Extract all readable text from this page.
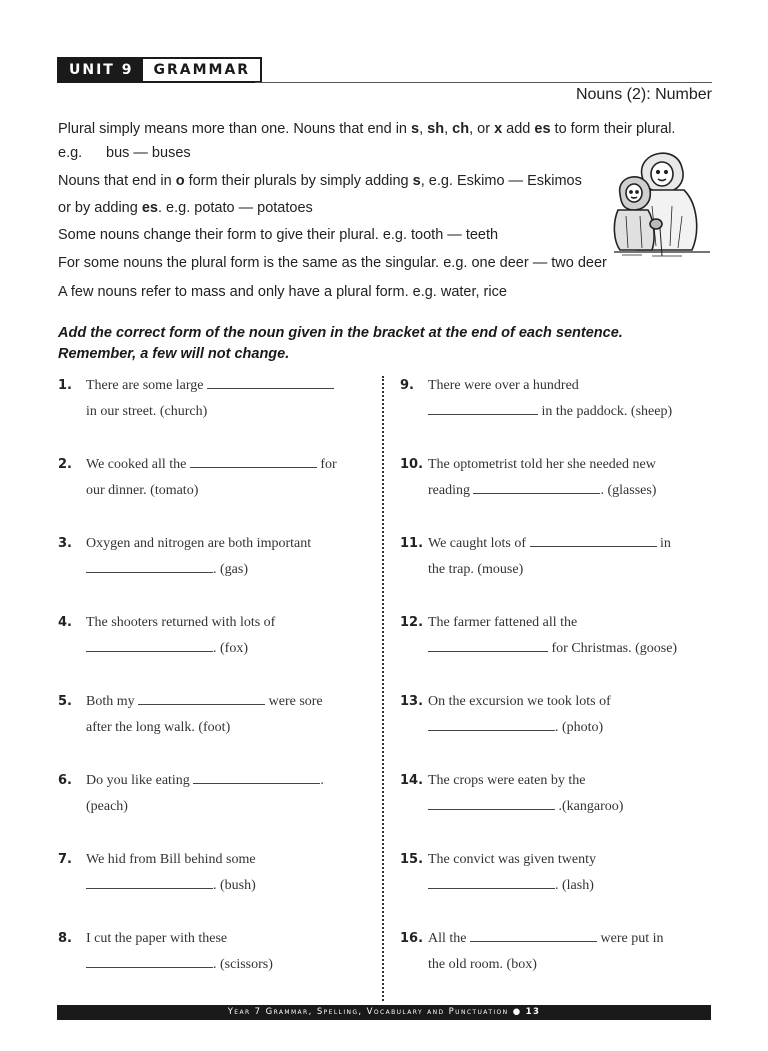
UNIT 9	GRAMMAR
Nouns (2): Number
Plural simply means more than one. Nouns that end in s, sh, ch, or x add es to form their plural.
e.g. bus — buses
Nouns that end in o form their plurals by simply adding s, e.g. Eskimo — Eskimos
or by adding es. e.g. potato — potatoes
Some nouns change their form to give their plural. e.g. tooth — teeth
For some nouns the plural form is the same as the singular. e.g. one deer — two deer
A few nouns refer to mass and only have a plural form. e.g. water, rice
Add the correct form of the noun given in the bracket at the end of each sentence.
Remember, a few will not change.
1. There are some large
in our street. (church)
2. We cooked all the	for
our dinner. (tomato)
3. Oxygen and nitrogen are both important
. (gas)
4. The shooters returned with lots of
. (fox)
5. Both my	were sore
after the long walk. (foot)
6. Do you like eating	.
(peach)
7. We hid from Bill behind some
. (bush)
8. I cut the paper with these
. (scissors)
9. There were over a hundred
in the paddock. (sheep)
10. The optometrist told her she needed new
reading	. (glasses)
11. We caught lots of	in
the trap. (mouse)
12. The farmer fattened all the
for Christmas. (goose)
13. On the excursion we took lots of
. (photo)
14. The crops were eaten by the
.(kangaroo)
15. The convict was given twenty
. (lash)
16. All the	were put in
the old room. (box)
Year 7 Grammar, Spelling, Vocabulary and Punctuation ● 13
